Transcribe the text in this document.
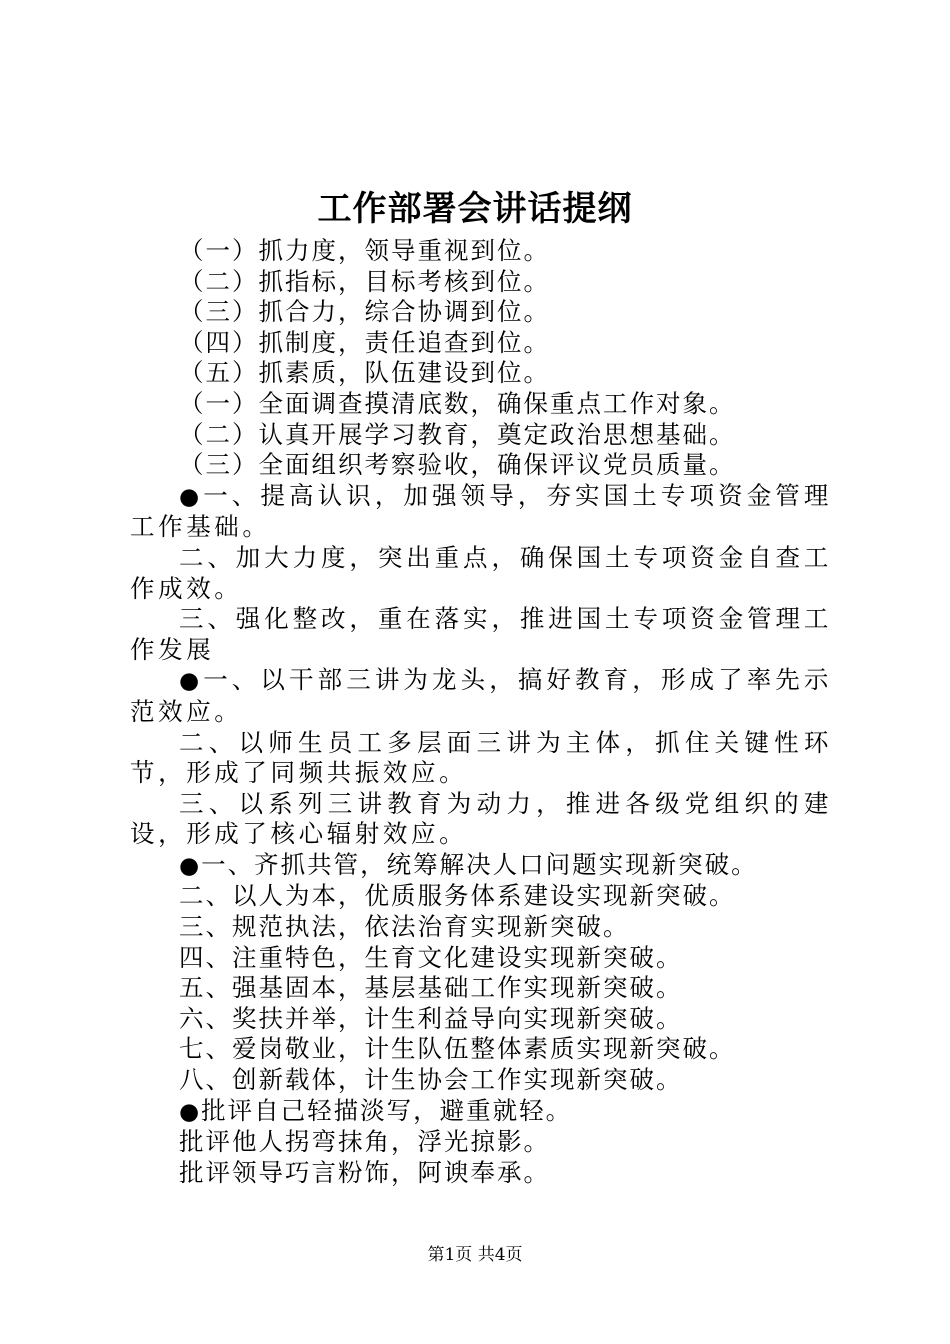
工作部署会讲话提纲

（一）抓力度，领导重视到位。

（二）抓指标，目标考核到位。

（三）抓合力，综合协调到位。

（四）抓制度，责任追查到位。

（五）抓素质，队伍建设到位。

（一）全面调查摸清底数，确保重点工作对象。

（二）认真开展学习教育，奠定政治思想基础。

（三）全面组织考察验收，确保评议党员质量。

●一、提高认识，加强领导，夯实国土专项资金管理工作基础。

二、加大力度，突出重点，确保国土专项资金自查工作成效。

三、强化整改，重在落实，推进国土专项资金管理工作发展

●一、以干部三讲为龙头，搞好教育，形成了率先示范效应。

二、以师生员工多层面三讲为主体，抓住关键性环节，形成了同频共振效应。

三、以系列三讲教育为动力，推进各级党组织的建设，形成了核心辐射效应。

●一、齐抓共管，统筹解决人口问题实现新突破。

二、以人为本，优质服务体系建设实现新突破。

三、规范执法，依法治育实现新突破。

四、注重特色，生育文化建设实现新突破。

五、强基固本，基层基础工作实现新突破。

六、奖扶并举，计生利益导向实现新突破。

七、爱岗敬业，计生队伍整体素质实现新突破。

八、创新载体，计生协会工作实现新突破。

●批评自己轻描淡写，避重就轻。

批评他人拐弯抹角，浮光掠影。

批评领导巧言粉饰，阿谀奉承。

第1页 共4页
